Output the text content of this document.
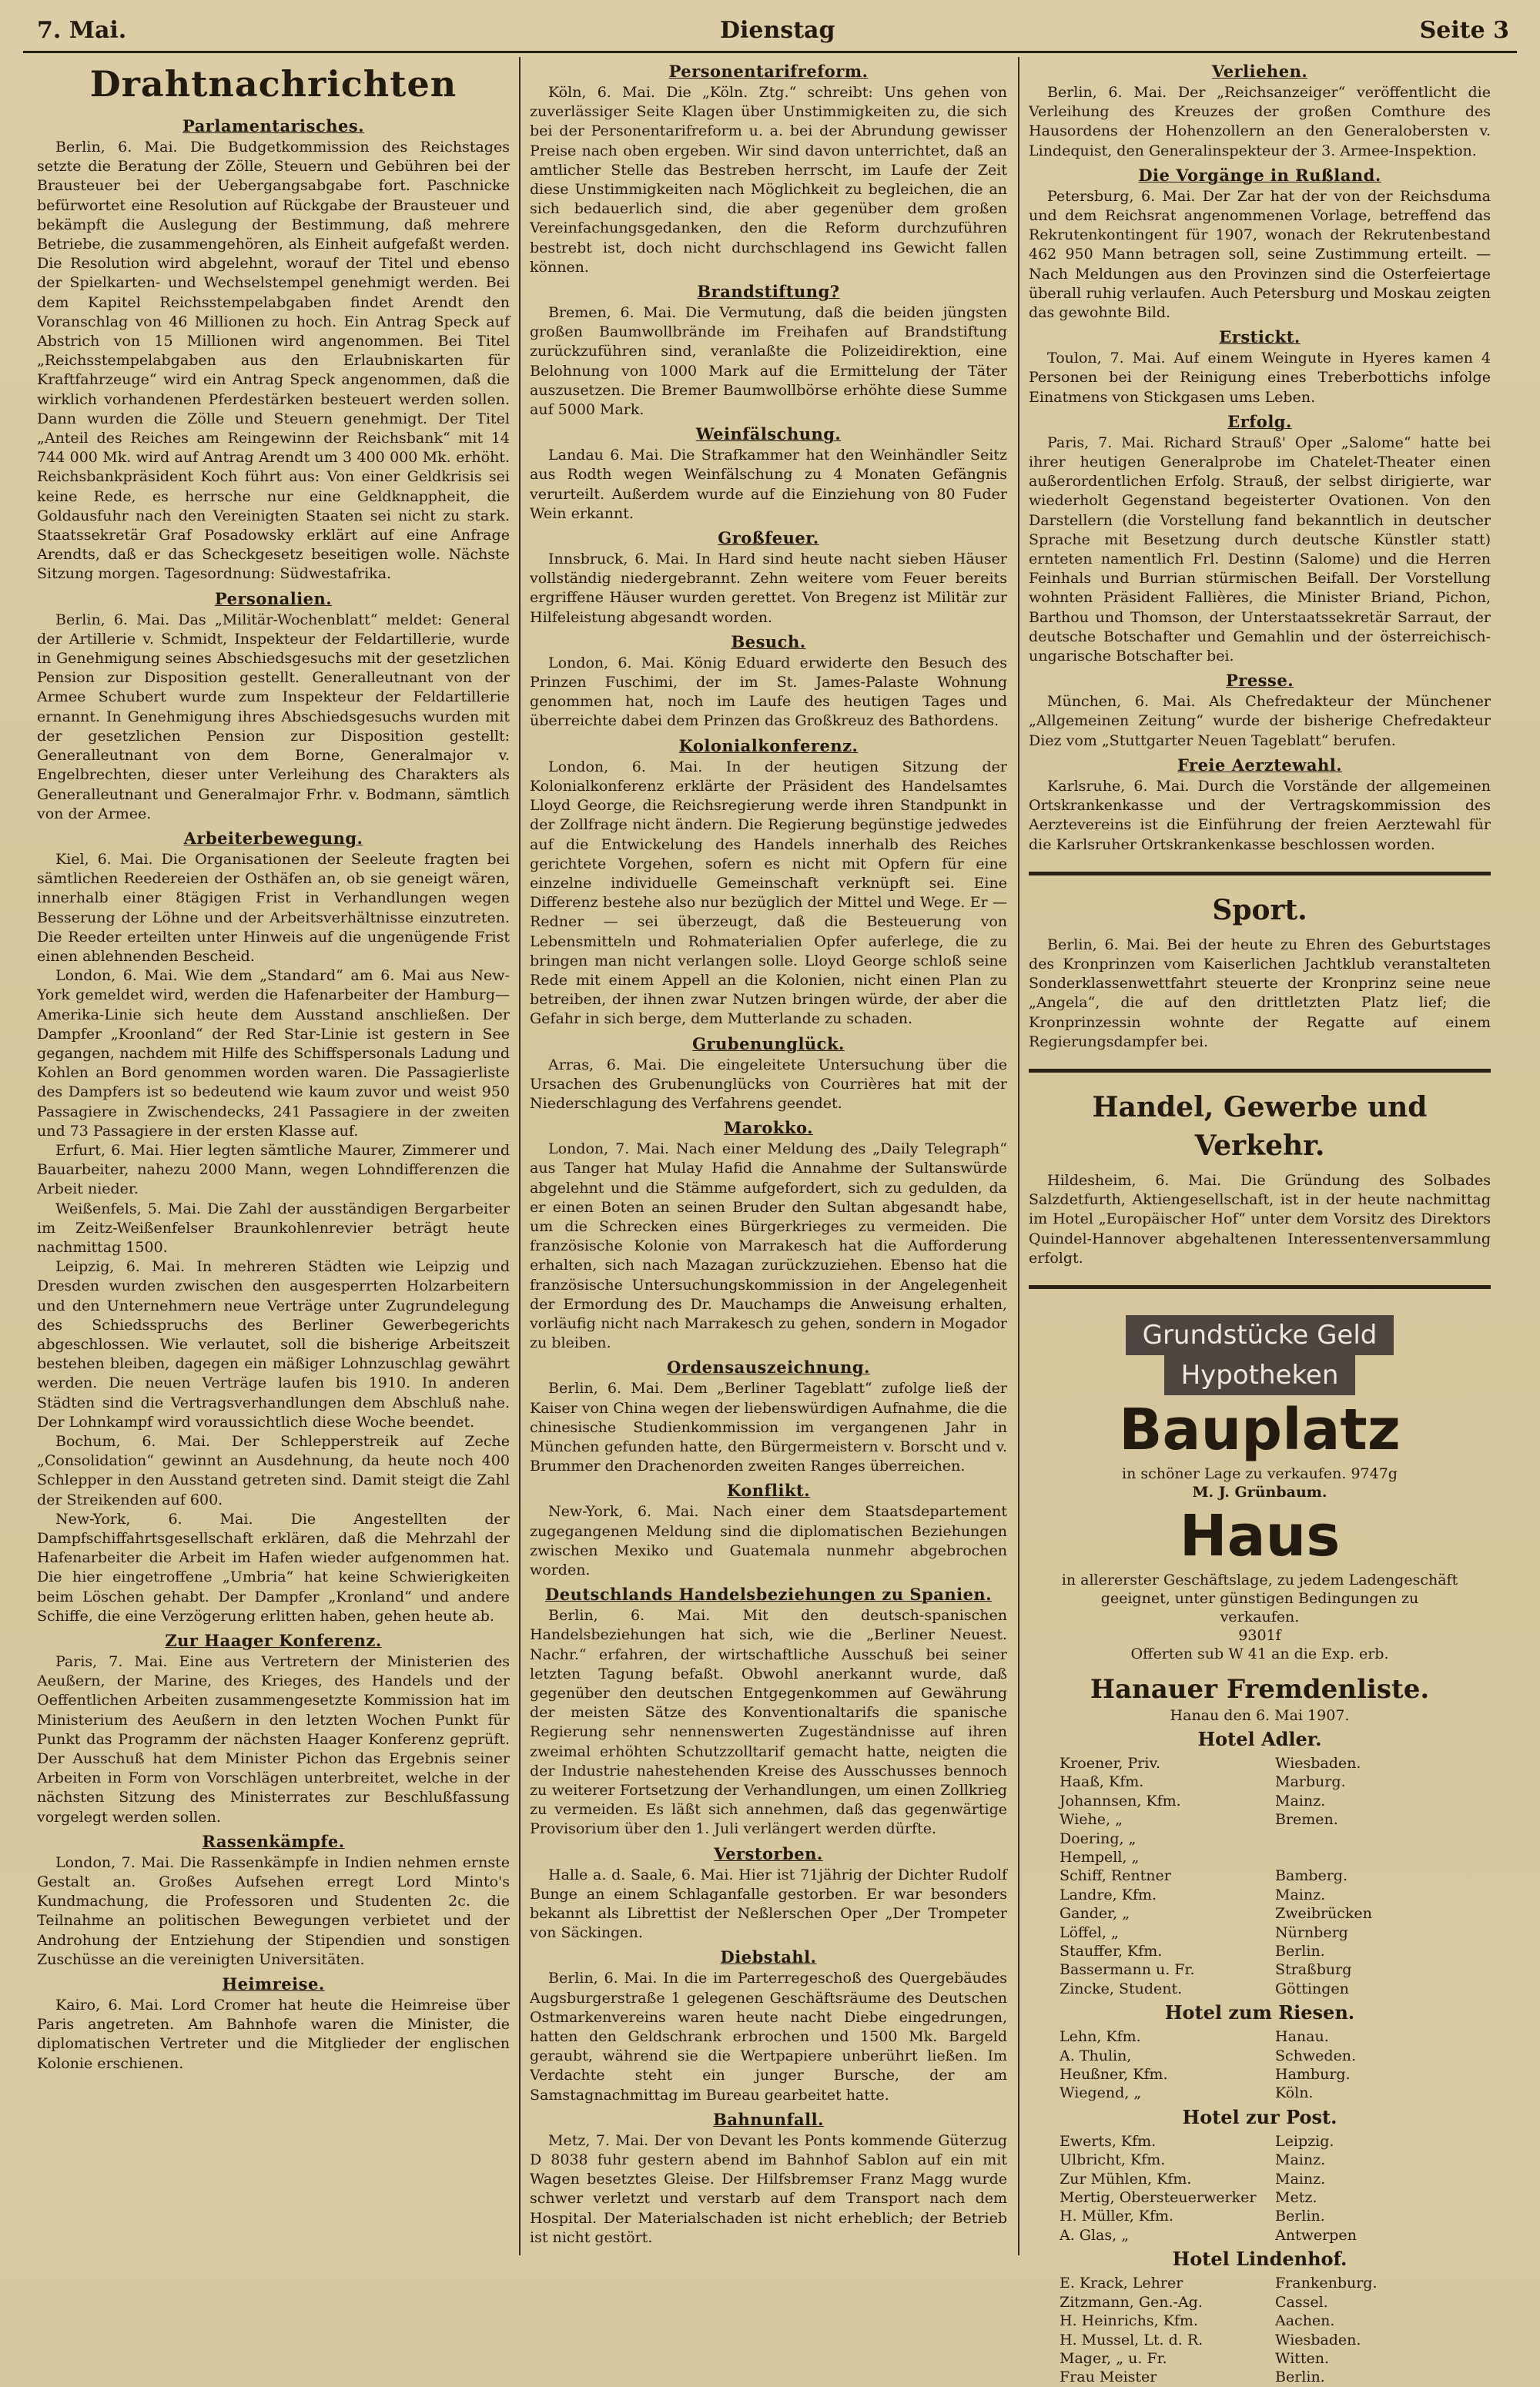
7. Mai.	Dienstag	Seite 3
Drahtnachrichten
Parlamentarisches.

Berlin, 6. Mai. Die Budgetkommission des Reichstages setzte die Beratung der Zölle, Steuern und Gebühren bei der Brausteuer bei der Uebergangsabgabe fort. Paschnicke befürwortet eine Resolution auf Rückgabe der Brausteuer und bekämpft die Auslegung der Bestimmung, daß mehrere Betriebe, die zusammengehören, als Einheit aufgefaßt werden. Die Resolution wird abgelehnt, worauf der Titel und ebenso der Spielkarten- und Wechselstempel genehmigt werden. Bei dem Kapitel Reichsstempelabgaben findet Arendt den Voranschlag von 46 Millionen zu hoch. Ein Antrag Speck auf Abstrich von 15 Millionen wird angenommen. Bei Titel „Reichsstempelabgaben aus den Erlaubniskarten für Kraftfahrzeuge“ wird ein Antrag Speck angenommen, daß die wirklich vorhandenen Pferdestärken besteuert werden sollen. Dann wurden die Zölle und Steuern genehmigt. Der Titel „Anteil des Reiches am Reingewinn der Reichsbank“ mit 14 744 000 Mk. wird auf Antrag Arendt um 3 400 000 Mk. erhöht. Reichsbankpräsident Koch führt aus: Von einer Geldkrisis sei keine Rede, es herrsche nur eine Geldknappheit, die Goldausfuhr nach den Vereinigten Staaten sei nicht zu stark. Staatssekretär Graf Posadowsky erklärt auf eine Anfrage Arendts, daß er das Scheckgesetz beseitigen wolle. Nächste Sitzung morgen. Tagesordnung: Südwestafrika.

Personalien.

Berlin, 6. Mai. Das „Militär-Wochenblatt“ meldet: General der Artillerie v. Schmidt, Inspekteur der Feldartillerie, wurde in Genehmigung seines Abschiedsgesuchs mit der gesetzlichen Pension zur Disposition gestellt. Generalleutnant von der Armee Schubert wurde zum Inspekteur der Feldartillerie ernannt. In Genehmigung ihres Abschiedsgesuchs wurden mit der gesetzlichen Pension zur Disposition gestellt: Generalleutnant von dem Borne, Generalmajor v. Engelbrechten, dieser unter Verleihung des Charakters als Generalleutnant und Generalmajor Frhr. v. Bodmann, sämtlich von der Armee.

Arbeiterbewegung.

Kiel, 6. Mai. Die Organisationen der Seeleute fragten bei sämtlichen Reedereien der Osthäfen an, ob sie geneigt wären, innerhalb einer 8tägigen Frist in Verhandlungen wegen Besserung der Löhne und der Arbeitsverhältnisse einzutreten. Die Reeder erteilten unter Hinweis auf die ungenügende Frist einen ablehnenden Bescheid.

London, 6. Mai. Wie dem „Standard“ am 6. Mai aus New-York gemeldet wird, werden die Hafenarbeiter der Hamburg—Amerika-Linie sich heute dem Ausstand anschließen. Der Dampfer „Kroonland“ der Red Star-Linie ist gestern in See gegangen, nachdem mit Hilfe des Schiffspersonals Ladung und Kohlen an Bord genommen worden waren. Die Passagierliste des Dampfers ist so bedeutend wie kaum zuvor und weist 950 Passagiere in Zwischendecks, 241 Passagiere in der zweiten und 73 Passagiere in der ersten Klasse auf.

Erfurt, 6. Mai. Hier legten sämtliche Maurer, Zimmerer und Bauarbeiter, nahezu 2000 Mann, wegen Lohndifferenzen die Arbeit nieder.

Weißenfels, 5. Mai. Die Zahl der ausständigen Bergarbeiter im Zeitz-Weißenfelser Braunkohlenrevier beträgt heute nachmittag 1500.

Leipzig, 6. Mai. In mehreren Städten wie Leipzig und Dresden wurden zwischen den ausgesperrten Holzarbeitern und den Unternehmern neue Verträge unter Zugrundelegung des Schiedsspruchs des Berliner Gewerbegerichts abgeschlossen. Wie verlautet, soll die bisherige Arbeitszeit bestehen bleiben, dagegen ein mäßiger Lohnzuschlag gewährt werden. Die neuen Verträge laufen bis 1910. In anderen Städten sind die Vertragsverhandlungen dem Abschluß nahe. Der Lohnkampf wird voraussichtlich diese Woche beendet.

Bochum, 6. Mai. Der Schlepperstreik auf Zeche „Consolidation“ gewinnt an Ausdehnung, da heute noch 400 Schlepper in den Ausstand getreten sind. Damit steigt die Zahl der Streikenden auf 600.

New-York, 6. Mai. Die Angestellten der Dampfschiffahrtsgesellschaft erklären, daß die Mehrzahl der Hafenarbeiter die Arbeit im Hafen wieder aufgenommen hat. Die hier eingetroffene „Umbria“ hat keine Schwierigkeiten beim Löschen gehabt. Der Dampfer „Kronland“ und andere Schiffe, die eine Verzögerung erlitten haben, gehen heute ab.

Zur Haager Konferenz.

Paris, 7. Mai. Eine aus Vertretern der Ministerien des Aeußern, der Marine, des Krieges, des Handels und der Oeffentlichen Arbeiten zusammengesetzte Kommission hat im Ministerium des Aeußern in den letzten Wochen Punkt für Punkt das Programm der nächsten Haager Konferenz geprüft. Der Ausschuß hat dem Minister Pichon das Ergebnis seiner Arbeiten in Form von Vorschlägen unterbreitet, welche in der nächsten Sitzung des Ministerrates zur Beschlußfassung vorgelegt werden sollen.

Rassenkämpfe.

London, 7. Mai. Die Rassenkämpfe in Indien nehmen ernste Gestalt an. Großes Aufsehen erregt Lord Minto's Kundmachung, die Professoren und Studenten 2c. die Teilnahme an politischen Bewegungen verbietet und der Androhung der Entziehung der Stipendien und sonstigen Zuschüsse an die vereinigten Universitäten.

Heimreise.

Kairo, 6. Mai. Lord Cromer hat heute die Heimreise über Paris angetreten. Am Bahnhofe waren die Minister, die diplomatischen Vertreter und die Mitglieder der englischen Kolonie erschienen.

Personentarifreform.

Köln, 6. Mai. Die „Köln. Ztg.“ schreibt: Uns gehen von zuverlässiger Seite Klagen über Unstimmigkeiten zu, die sich bei der Personentarifreform u. a. bei der Abrundung gewisser Preise nach oben ergeben. Wir sind davon unterrichtet, daß an amtlicher Stelle das Bestreben herrscht, im Laufe der Zeit diese Unstimmigkeiten nach Möglichkeit zu begleichen, die an sich bedauerlich sind, die aber gegenüber dem großen Vereinfachungsgedanken, den die Reform durchzuführen bestrebt ist, doch nicht durchschlagend ins Gewicht fallen können.

Brandstiftung?

Bremen, 6. Mai. Die Vermutung, daß die beiden jüngsten großen Baumwollbrände im Freihafen auf Brandstiftung zurückzuführen sind, veranlaßte die Polizeidirektion, eine Belohnung von 1000 Mark auf die Ermittelung der Täter auszusetzen. Die Bremer Baumwollbörse erhöhte diese Summe auf 5000 Mark.

Weinfälschung.

Landau 6. Mai. Die Strafkammer hat den Weinhändler Seitz aus Rodth wegen Weinfälschung zu 4 Monaten Gefängnis verurteilt. Außerdem wurde auf die Einziehung von 80 Fuder Wein erkannt.

Großfeuer.

Innsbruck, 6. Mai. In Hard sind heute nacht sieben Häuser vollständig niedergebrannt. Zehn weitere vom Feuer bereits ergriffene Häuser wurden gerettet. Von Bregenz ist Militär zur Hilfeleistung abgesandt worden.

Besuch.

London, 6. Mai. König Eduard erwiderte den Besuch des Prinzen Fuschimi, der im St. James-Palaste Wohnung genommen hat, noch im Laufe des heutigen Tages und überreichte dabei dem Prinzen das Großkreuz des Bathordens.

Kolonialkonferenz.

London, 6. Mai. In der heutigen Sitzung der Kolonialkonferenz erklärte der Präsident des Handelsamtes Lloyd George, die Reichsregierung werde ihren Standpunkt in der Zollfrage nicht ändern. Die Regierung begünstige jedwedes auf die Entwickelung des Handels innerhalb des Reiches gerichtete Vorgehen, sofern es nicht mit Opfern für eine einzelne individuelle Gemeinschaft verknüpft sei. Eine Differenz bestehe also nur bezüglich der Mittel und Wege. Er — Redner — sei überzeugt, daß die Besteuerung von Lebensmitteln und Rohmaterialien Opfer auferlege, die zu bringen man nicht verlangen solle. Lloyd George schloß seine Rede mit einem Appell an die Kolonien, nicht einen Plan zu betreiben, der ihnen zwar Nutzen bringen würde, der aber die Gefahr in sich berge, dem Mutterlande zu schaden.

Grubenunglück.

Arras, 6. Mai. Die eingeleitete Untersuchung über die Ursachen des Grubenunglücks von Courrières hat mit der Niederschlagung des Verfahrens geendet.

Marokko.

London, 7. Mai. Nach einer Meldung des „Daily Telegraph“ aus Tanger hat Mulay Hafid die Annahme der Sultanswürde abgelehnt und die Stämme aufgefordert, sich zu gedulden, da er einen Boten an seinen Bruder den Sultan abgesandt habe, um die Schrecken eines Bürgerkrieges zu vermeiden. Die französische Kolonie von Marrakesch hat die Aufforderung erhalten, sich nach Mazagan zurückzuziehen. Ebenso hat die französische Untersuchungskommission in der Angelegenheit der Ermordung des Dr. Mauchamps die Anweisung erhalten, vorläufig nicht nach Marrakesch zu gehen, sondern in Mogador zu bleiben.

Ordensauszeichnung.

Berlin, 6. Mai. Dem „Berliner Tageblatt“ zufolge ließ der Kaiser von China wegen der liebenswürdigen Aufnahme, die die chinesische Studienkommission im vergangenen Jahr in München gefunden hatte, den Bürgermeistern v. Borscht und v. Brummer den Drachenorden zweiten Ranges überreichen.

Konflikt.

New-York, 6. Mai. Nach einer dem Staatsdepartement zugegangenen Meldung sind die diplomatischen Beziehungen zwischen Mexiko und Guatemala nunmehr abgebrochen worden.

Deutschlands Handelsbeziehungen zu Spanien.

Berlin, 6. Mai. Mit den deutsch-spanischen Handelsbeziehungen hat sich, wie die „Berliner Neuest. Nachr.“ erfahren, der wirtschaftliche Ausschuß bei seiner letzten Tagung befaßt. Obwohl anerkannt wurde, daß gegenüber den deutschen Entgegenkommen auf Gewährung der meisten Sätze des Konventionaltarifs die spanische Regierung sehr nennenswerten Zugeständnisse auf ihren zweimal erhöhten Schutzzolltarif gemacht hatte, neigten die der Industrie nahestehenden Kreise des Ausschusses bennoch zu weiterer Fortsetzung der Verhandlungen, um einen Zollkrieg zu vermeiden. Es läßt sich annehmen, daß das gegenwärtige Provisorium über den 1. Juli verlängert werden dürfte.

Verstorben.

Halle a. d. Saale, 6. Mai. Hier ist 71jährig der Dichter Rudolf Bunge an einem Schlaganfalle gestorben. Er war besonders bekannt als Librettist der Neßlerschen Oper „Der Trompeter von Säckingen.

Diebstahl.

Berlin, 6. Mai. In die im Parterregeschoß des Quergebäudes Augsburgerstraße 1 gelegenen Geschäftsräume des Deutschen Ostmarkenvereins waren heute nacht Diebe eingedrungen, hatten den Geldschrank erbrochen und 1500 Mk. Bargeld geraubt, während sie die Wertpapiere unberührt ließen. Im Verdachte steht ein junger Bursche, der am Samstagnachmittag im Bureau gearbeitet hatte.

Bahnunfall.

Metz, 7. Mai. Der von Devant les Ponts kommende Güterzug D 8038 fuhr gestern abend im Bahnhof Sablon auf ein mit Wagen besetztes Gleise. Der Hilfsbremser Franz Magg wurde schwer verletzt und verstarb auf dem Transport nach dem Hospital. Der Materialschaden ist nicht erheblich; der Betrieb ist nicht gestört.

Verliehen.

Berlin, 6. Mai. Der „Reichsanzeiger“ veröffentlicht die Verleihung des Kreuzes der großen Comthure des Hausordens der Hohenzollern an den Generalobersten v. Lindequist, den Generalinspekteur der 3. Armee-Inspektion.

Die Vorgänge in Rußland.

Petersburg, 6. Mai. Der Zar hat der von der Reichsduma und dem Reichsrat angenommenen Vorlage, betreffend das Rekrutenkontingent für 1907, wonach der Rekrutenbestand 462 950 Mann betragen soll, seine Zustimmung erteilt. — Nach Meldungen aus den Provinzen sind die Osterfeiertage überall ruhig verlaufen. Auch Petersburg und Moskau zeigten das gewohnte Bild.

Erstickt.

Toulon, 7. Mai. Auf einem Weingute in Hyeres kamen 4 Personen bei der Reinigung eines Treberbottichs infolge Einatmens von Stickgasen ums Leben.

Erfolg.

Paris, 7. Mai. Richard Straußꞌ Oper „Salome“ hatte bei ihrer heutigen Generalprobe im Chatelet-Theater einen außerordentlichen Erfolg. Strauß, der selbst dirigierte, war wiederholt Gegenstand begeisterter Ovationen. Von den Darstellern (die Vorstellung fand bekanntlich in deutscher Sprache mit Besetzung durch deutsche Künstler statt) ernteten namentlich Frl. Destinn (Salome) und die Herren Feinhals und Burrian stürmischen Beifall. Der Vorstellung wohnten Präsident Fallières, die Minister Briand, Pichon, Barthou und Thomson, der Unterstaatssekretär Sarraut, der deutsche Botschafter und Gemahlin und der österreichisch-ungarische Botschafter bei.

Presse.

München, 6. Mai. Als Chefredakteur der Münchener „Allgemeinen Zeitung“ wurde der bisherige Chefredakteur Diez vom „Stuttgarter Neuen Tageblatt“ berufen.

Freie Aerztewahl.

Karlsruhe, 6. Mai. Durch die Vorstände der allgemeinen Ortskrankenkasse und der Vertragskommission des Aerztevereins ist die Einführung der freien Aerztewahl für die Karlsruher Ortskrankenkasse beschlossen worden.

Sport.

Berlin, 6. Mai. Bei der heute zu Ehren des Geburtstages des Kronprinzen vom Kaiserlichen Jachtklub veranstalteten Sonderklassenwettfahrt steuerte der Kronprinz seine neue „Angela“, die auf den drittletzten Platz lief; die Kronprinzessin wohnte der Regatte auf einem Regierungsdampfer bei.

Handel, Gewerbe und Verkehr.

Hildesheim, 6. Mai. Die Gründung des Solbades Salzdetfurth, Aktiengesellschaft, ist in der heute nachmittag im Hotel „Europäischer Hof“ unter dem Vorsitz des Direktors Quindel-Hannover abgehaltenen Interessentenversammlung erfolgt.

Grundstücke Geld
Hypotheken
Bauplatz
in schöner Lage zu verkaufen. 9747g
M. J. Grünbaum.
Haus
in allererster Geschäftslage, zu jedem Ladengeschäft geeignet, unter günstigen Bedingungen zu verkaufen.
9301f
Offerten sub W 41 an die Exp. erb.
Hanauer Fremdenliste.
Hanau den 6. Mai 1907.
Hotel Adler.
Kroener, Priv.	Wiesbaden.
Haaß, Kfm.	Marburg.
Johannsen, Kfm.	Mainz.
Wiehe, „	Bremen.
Doering, „
Hempell, „
Schiff, Rentner	Bamberg.
Landre, Kfm.	Mainz.
Gander, „	Zweibrücken
Löffel, „	Nürnberg
Stauffer, Kfm.	Berlin.
Bassermann u. Fr.	Straßburg
Zincke, Student.	Göttingen
Hotel zum Riesen.
Lehn, Kfm.	Hanau.
A. Thulin,	Schweden.
Heußner, Kfm.	Hamburg.
Wiegend, „	Köln.
Hotel zur Post.
Ewerts, Kfm.	Leipzig.
Ulbricht, Kfm.	Mainz.
Zur Mühlen, Kfm.	Mainz.
Mertig, Obersteuerwerker	Metz.
H. Müller, Kfm.	Berlin.
A. Glas, „	Antwerpen
Hotel Lindenhof.
E. Krack, Lehrer	Frankenburg.
Zitzmann, Gen.-Ag.	Cassel.
H. Heinrichs, Kfm.	Aachen.
H. Mussel, Lt. d. R.	Wiesbaden.
Mager, „ u. Fr.	Witten.
Frau Meister	Berlin.
